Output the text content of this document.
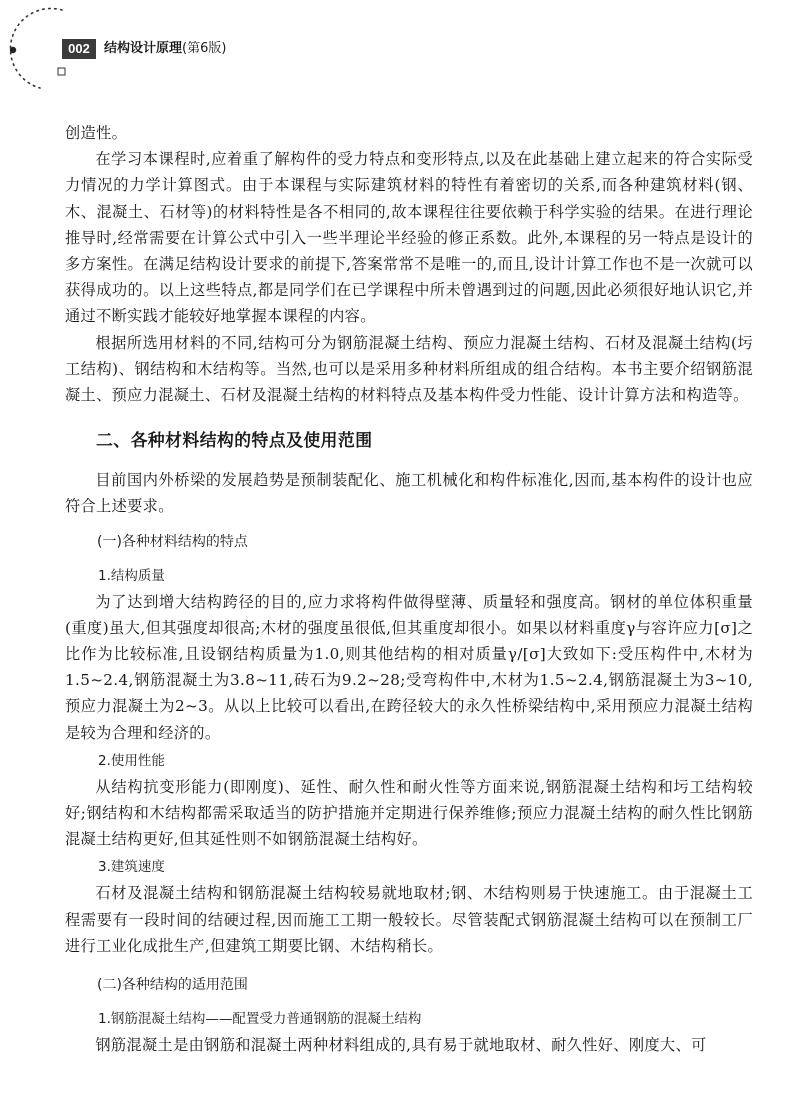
002	结构设计原理(第6版)

创造性。

在学习本课程时,应着重了解构件的受力特点和变形特点,以及在此基础上建立起来的符合实际受力情况的力学计算图式。由于本课程与实际建筑材料的特性有着密切的关系,而各种建筑材料(钢、木、混凝土、石材等)的材料特性是各不相同的,故本课程往往要依赖于科学实验的结果。在进行理论推导时,经常需要在计算公式中引入一些半理论半经验的修正系数。此外,本课程的另一特点是设计的多方案性。在满足结构设计要求的前提下,答案常常不是唯一的,而且,设计计算工作也不是一次就可以获得成功的。以上这些特点,都是同学们在已学课程中所未曾遇到过的问题,因此必须很好地认识它,并通过不断实践才能较好地掌握本课程的内容。

根据所选用材料的不同,结构可分为钢筋混凝土结构、预应力混凝土结构、石材及混凝土结构(圬工结构)、钢结构和木结构等。当然,也可以是采用多种材料所组成的组合结构。本书主要介绍钢筋混凝土、预应力混凝土、石材及混凝土结构的材料特点及基本构件受力性能、设计计算方法和构造等。

二、各种材料结构的特点及使用范围

目前国内外桥梁的发展趋势是预制装配化、施工机械化和构件标准化,因而,基本构件的设计也应符合上述要求。

(一)各种材料结构的特点
1.结构质量

为了达到增大结构跨径的目的,应力求将构件做得壁薄、质量轻和强度高。钢材的单位体积重量(重度)虽大,但其强度却很高;木材的强度虽很低,但其重度却很小。如果以材料重度γ与容许应力[σ]之比作为比较标准,且设钢结构质量为1.0,则其他结构的相对质量γ/[σ]大致如下:受压构件中,木材为1.5~2.4,钢筋混凝土为3.8~11,砖石为9.2~28;受弯构件中,木材为1.5~2.4,钢筋混凝土为3~10,预应力混凝土为2~3。从以上比较可以看出,在跨径较大的永久性桥梁结构中,采用预应力混凝土结构是较为合理和经济的。

2.使用性能

从结构抗变形能力(即刚度)、延性、耐久性和耐火性等方面来说,钢筋混凝土结构和圬工结构较好;钢结构和木结构都需采取适当的防护措施并定期进行保养维修;预应力混凝土结构的耐久性比钢筋混凝土结构更好,但其延性则不如钢筋混凝土结构好。

3.建筑速度

石材及混凝土结构和钢筋混凝土结构较易就地取材;钢、木结构则易于快速施工。由于混凝土工程需要有一段时间的结硬过程,因而施工工期一般较长。尽管装配式钢筋混凝土结构可以在预制工厂进行工业化成批生产,但建筑工期要比钢、木结构稍长。

(二)各种结构的适用范围
1.钢筋混凝土结构——配置受力普通钢筋的混凝土结构

钢筋混凝土是由钢筋和混凝土两种材料组成的,具有易于就地取材、耐久性好、刚度大、可
